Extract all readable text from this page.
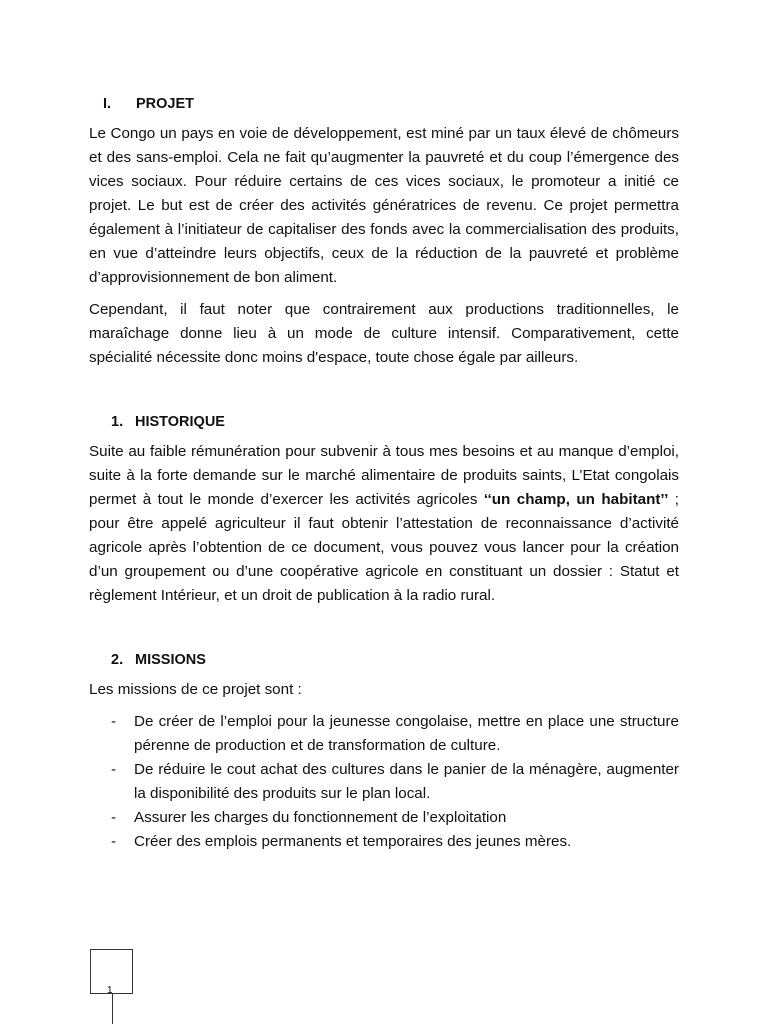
I. PROJET

Le Congo un pays en voie de développement, est miné par un taux élevé de chômeurs et des sans-emploi. Cela ne fait qu’augmenter la pauvreté et du coup l’émergence des vices sociaux. Pour réduire certains de ces vices sociaux, le promoteur a initié ce projet. Le but est de créer des activités génératrices de revenu. Ce projet permettra également à l’initiateur de capitaliser des fonds avec la commercialisation des produits, en vue d’atteindre leurs objectifs, ceux de la réduction de la pauvreté et problème d’approvisionnement de bon aliment.

Cependant, il faut noter que contrairement aux productions traditionnelles, le maraîchage donne lieu à un mode de culture intensif. Comparativement, cette spécialité nécessite donc moins d'espace, toute chose égale par ailleurs.

1. HISTORIQUE

Suite au faible rémunération pour subvenir à tous mes besoins et au manque d’emploi, suite à la forte demande sur le marché alimentaire de produits saints, L’Etat congolais permet à tout le monde d’exercer les activités agricoles ‘‘un champ, un habitant’’ ; pour être appelé agriculteur il faut obtenir l’attestation de reconnaissance d’activité agricole après l’obtention de ce document, vous pouvez vous lancer pour la création d’un groupement ou d’une coopérative agricole en constituant un dossier : Statut et règlement Intérieur, et un droit de publication à la radio rural.

2. MISSIONS

Les missions de ce projet sont :

- De créer de l’emploi pour la jeunesse congolaise, mettre en place une structure pérenne de production et de transformation de culture.
- De réduire le cout achat des cultures dans le panier de la ménagère, augmenter la disponibilité des produits sur le plan local.
- Assurer les charges du fonctionnement de l’exploitation
- Créer des emplois permanents et temporaires des jeunes mères.
1
